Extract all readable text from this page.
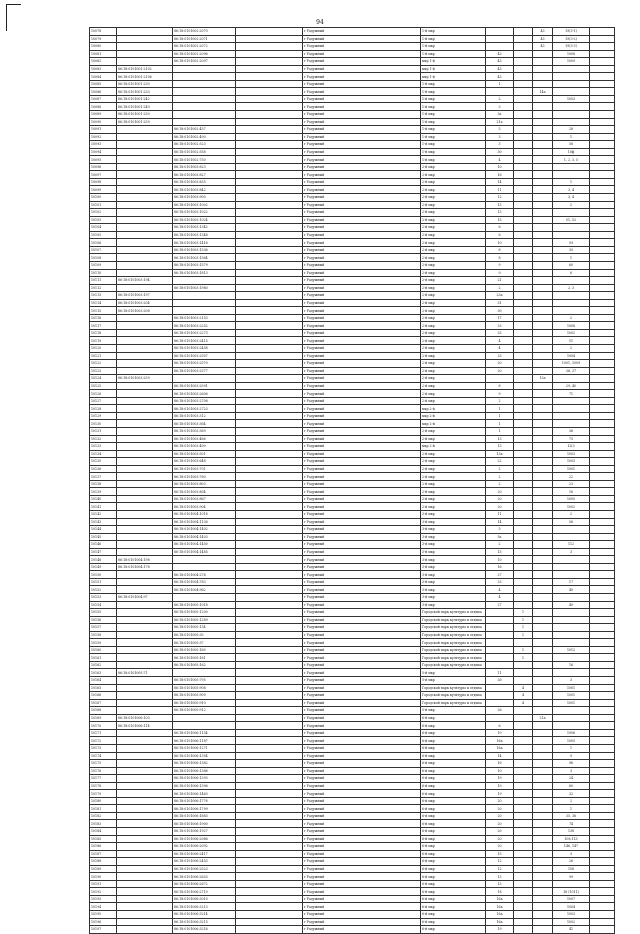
94
10078		86:18:0101002:2070		г Радужный	1-й мкр			43	19(3-1)	
10079		86:18:0101002:2071		г Радужный	1-й мкр			43	19(3-2)	
10080		86:18:0101002:2072		г Радужный	1-й мкр			43	19(3-3)	
10081		86:18:0101002:2096		г Радужный	1-й мкр	43			1008	
10082		86:18:0101002:2097		г Радужный	мкр 1-й	43			1009	
10083	86:18:0101001:2102			г Радужный	мкр 1-й	43				
10084	86:18:0101001:2106			г Радужный	мкр 1-й	43				
10085	86:18:0101001:230			г Радужный	1-й мкр	1				
10086	86:18:0101001:233			г Радужный	1-й мкр			14а		
10087	86:18:0101001:242			г Радужный	1-й мкр	2			1003	
10088	86:18:0101001:249			г Радужный	1-й мкр	3				
10089	86:18:0101001:250			г Радужный	1-й мкр	3а				
10090	86:18:0101001:259			г Радужный	1-й мкр	21а				
10091		86:18:0101002:457		г Радужный	1-й мкр	3			28	
10092		86:18:0101002:490		г Радужный	1-й мкр	3			1	
10093		86:18:0101002:523		г Радужный	1-й мкр	3			58	
10094		86:18:0101002:558		г Радужный	1-й мкр	30			10ф	
10095		86:18:0101002:750		г Радужный	1-й мкр	4			1, 2, 3, 5	
10096		86:18:0101003:823		г Радужный	2-й мкр	10				
10097		86:18:0101003:827		г Радужный	2-й мкр	16				
10098		86:18:0101003:835		г Радужный	2-й мкр	14			1	
10099		86:18:0101003:842		г Радужный	2-й мкр	11			3, 4	
10100		86:18:0101003:900		г Радужный	2-й мкр	12			3, 4	
10101		86:18:0101003:1002		г Радужный	2-й мкр	13			2	
10102		86:18:0101003:1022		г Радужный	2-й мкр	13				
10103		86:18:0101003:1024		г Радужный	2-й мкр	15			51, 52	
10104		86:18:0101003:1342		г Радужный	2-й мкр	6				
10105		86:18:0101003:1348		г Радужный	2-й мкр	6				
10106		86:18:0101003:1416		г Радужный	2-й мкр	10			59	
10107		86:18:0101003:1536		г Радужный	2-й мкр	8			35	
10108		86:18:0101003:1564		г Радужный	2-й мкр	8			1	
10109		86:18:0101003:1579		г Радужный	2-й мкр	9			60	
10110		86:18:0101003:1813		г Радужный	2-й мкр	9			6	
10111	86:18:0101003:194			г Радужный	2-й мкр	21				
10112		86:18:0101003:1980		г Радужный	2-й мкр	2			2, 3	
10113	86:18:0101003:197			г Радужный	2-й мкр	23а				
10114	86:18:0101003:204			г Радужный	2-й мкр	31				
10115	86:18:0101003:208			г Радужный	2-й мкр	30				
10116		86:18:0101003:2153		г Радужный	2-й мкр	17			2	
10117		86:18:0101003:2252		г Радужный	2-й мкр	25			1008	
10118		86:18:0101003:2273		г Радужный	2-й мкр	25			1002	
10119		86:18:0101003:2415		г Радужный	2-й мкр	4			51	
10120		86:18:0101003:2458		г Радужный	2-й мкр	4			2	
10121		86:18:0101003:2507		г Радужный	2-й мкр	25			1004	
10122		86:18:0101003:2570		г Радужный	2-й мкр	20			1001, 1009	
10123		86:18:0101003:2577		г Радужный	2-й мкр	20			36, 37	
10124	86:18:0101003:259			г Радужный	2-й мкр			13а		
10125		86:18:0101003:2591		г Радужный	2-й мкр	8			29, 40	
10126		86:18:0101003:2606		г Радужный	2-й мкр	9			71	
10127		86:18:0101003:2708		г Радужный	2-й мкр	2				
10128		86:18:0101003:2723		г Радужный	мкр 2-й	1				
10129		86:18:0101003:312		г Радужный	мкр 2-й	1				
10130		86:18:0101003:364		г Радужный	мкр 2-й	1				
10131		86:18:0101003:369		г Радужный	2-й мкр	1			36	
10132		86:18:0101003:466		г Радужный	2-й мкр	13			75	
10133		86:18:0101003:490		г Радужный	мкр 2-й	13			12(3	
10134		86:18:0101003:501		г Радужный	2-й мкр	13а			1003	
10135		86:18:0101003:648		г Радужный	2-й мкр	22			1003	
10136		86:18:0101003:701		г Радужный	2-й мкр	2			1001	
10137		86:18:0101003:760		г Радужный	2-й мкр	2			22	
10138		86:18:0101003:803		г Радужный	2-й мкр	2			23	
10139		86:18:0101003:804		г Радужный	2-й мкр	20			16	
10140		86:18:0101003:867		г Радужный	2-й мкр	20			1005	
10141		86:18:0101003:904		г Радужный	2-й мкр	20			1002	
10142		86:18:0101004:1018		г Радужный	3-й мкр	11			2	
10143		86:18:0101004:1136		г Радужный	3-й мкр	14			56	
10144		86:18:0101004:1402		г Радужный	3-й мкр	5				
10145		86:18:0101004:1403		г Радужный	3-й мкр	5а				
10146		86:18:0101004:1450		г Радужный	3-й мкр	2			112	
10147		86:18:0101004:1485		г Радужный	3-й мкр	15			3	
10148	86:18:0101004:198			г Радужный	3-й мкр	10				
10149	86:18:0101004:178			г Радужный	3-й мкр	16				
10150		86:18:0101004:276		г Радужный	3-й мкр	27				
10151		86:18:0101004:783		г Радужный	3-й мкр	25			17	
10152		86:18:0101004:962		г Радужный	3-й мкр	4			40	
10153	86:18:0101004:97			г Радужный	3-й мкр	4				
10154		86:18:0101005:1018		г Радужный	3-й мкр	27			40	
10155		86:18:0101005:1200		г Радужный	Городской парк культуры и отдыха		1			
10156		86:18:0101005:1289		г Радужный	Городской парк культуры и отдыха		1			
10157		86:18:0101005:134		г Радужный	Городской парк культуры и отдыха		1			
10158		86:18:0101005:35		г Радужный	Городской парк культуры и отдыха		1			
10159		86:18:0101005:37		г Радужный	Городской парк культуры и отдыха					
10160		86:18:0101005:160		г Радужный	Городской парк культуры и отдыха		1		1012	
10161		86:18:0101005:161		г Радужный	Городской парк культуры и отдыха		1			
10162		86:18:0101005:162		г Радужный	Городской парк культуры и отдыха				16	
10163	86:18:0101005:71			г Радужный	5-й мкр	11				
10164		86:18:0101005:795		г Радужный	5-й мкр	26			3	
10165		86:18:0101005:908		г Радужный	Городской парк культуры и отдыха		4		1001	
10166		86:18:0101005:909		г Радужный	Городской парк культуры и отдыха		4		1001	
10167		86:18:0101005:910		г Радужный	Городской парк культуры и отдыха		4		1001	
10168		86:18:0101005:912		г Радужный	5-й мкр	26				
10169	86:18:0101006:103			г Радужный	6-й мкр			21а		
10170	86:18:0101006:114			г Радужный	6-й мкр	6				
10171		86:18:0101006:1154		г Радужный	6-й мкр	19			1956	
10172		86:18:0101006:1187		г Радужный	6-й мкр	16а			1005	
10173		86:18:0101006:1271		г Радужный	6-й мкр	16а			1	
10174		86:18:0101006:1354		г Радужный	6-й мкр	14			9	
10175		86:18:0101006:1382		г Радужный	6-й мкр	16			96	
10176		86:18:0101006:1386		г Радужный	6-й мкр	10			3	
10177		86:18:0101006:1393		г Радужный	6-й мкр	19			24	
10178		86:18:0101006:1396		г Радужный	6-й мкр	19			60	
10179		86:18:0101006:1463		г Радужный	6-й мкр	19			32	
10180		86:18:0101006:1776		г Радужный	6-й мкр	20			2	
10181		86:18:0101006:1799		г Радужный	6-й мкр	20			1	
10182		86:18:0101006:1883		г Радужный	6-й мкр	20			35, 36	
10183		86:18:0101006:1900		г Радужный	6-й мкр	20			74	
10184		86:18:0101006:1927		г Радужный	6-й мкр	20			138	
10185		86:18:0101006:2086		г Радужный	6-й мкр	20			108,113	
10186		86:18:0101006:2092		г Радужный	6-й мкр	20			146, 147	
10187		86:18:0101006:2417		г Радужный	6-й мкр	15			3	
10188		86:18:0101006:2453		г Радужный	6-й мкр	12			26	
10189		86:18:0101006:2523		г Радужный	6-й мкр	12			108	
10190		86:18:0101006:2633		г Радужный	6-й мкр	13			99	
10191		86:18:0101006:2672		г Радужный	6-й мкр	13				
10192		86:18:0101006:2710		г Радужный	6-й мкр	18			18 (1011)	
10193		86:18:0101006:3010		г Радужный	6-й мкр	16а			1007	
10194		86:18:0101006:3213		г Радужный	6-й мкр	16а			1004	
10195		86:18:0101006:3214		г Радужный	6-й мкр	16а			1003	
10196		86:18:0101006:3215		г Радужный	6-й мкр	16а			1002	
10197		86:18:0101006:3216		г Радужный	6-й мкр	19			41	
